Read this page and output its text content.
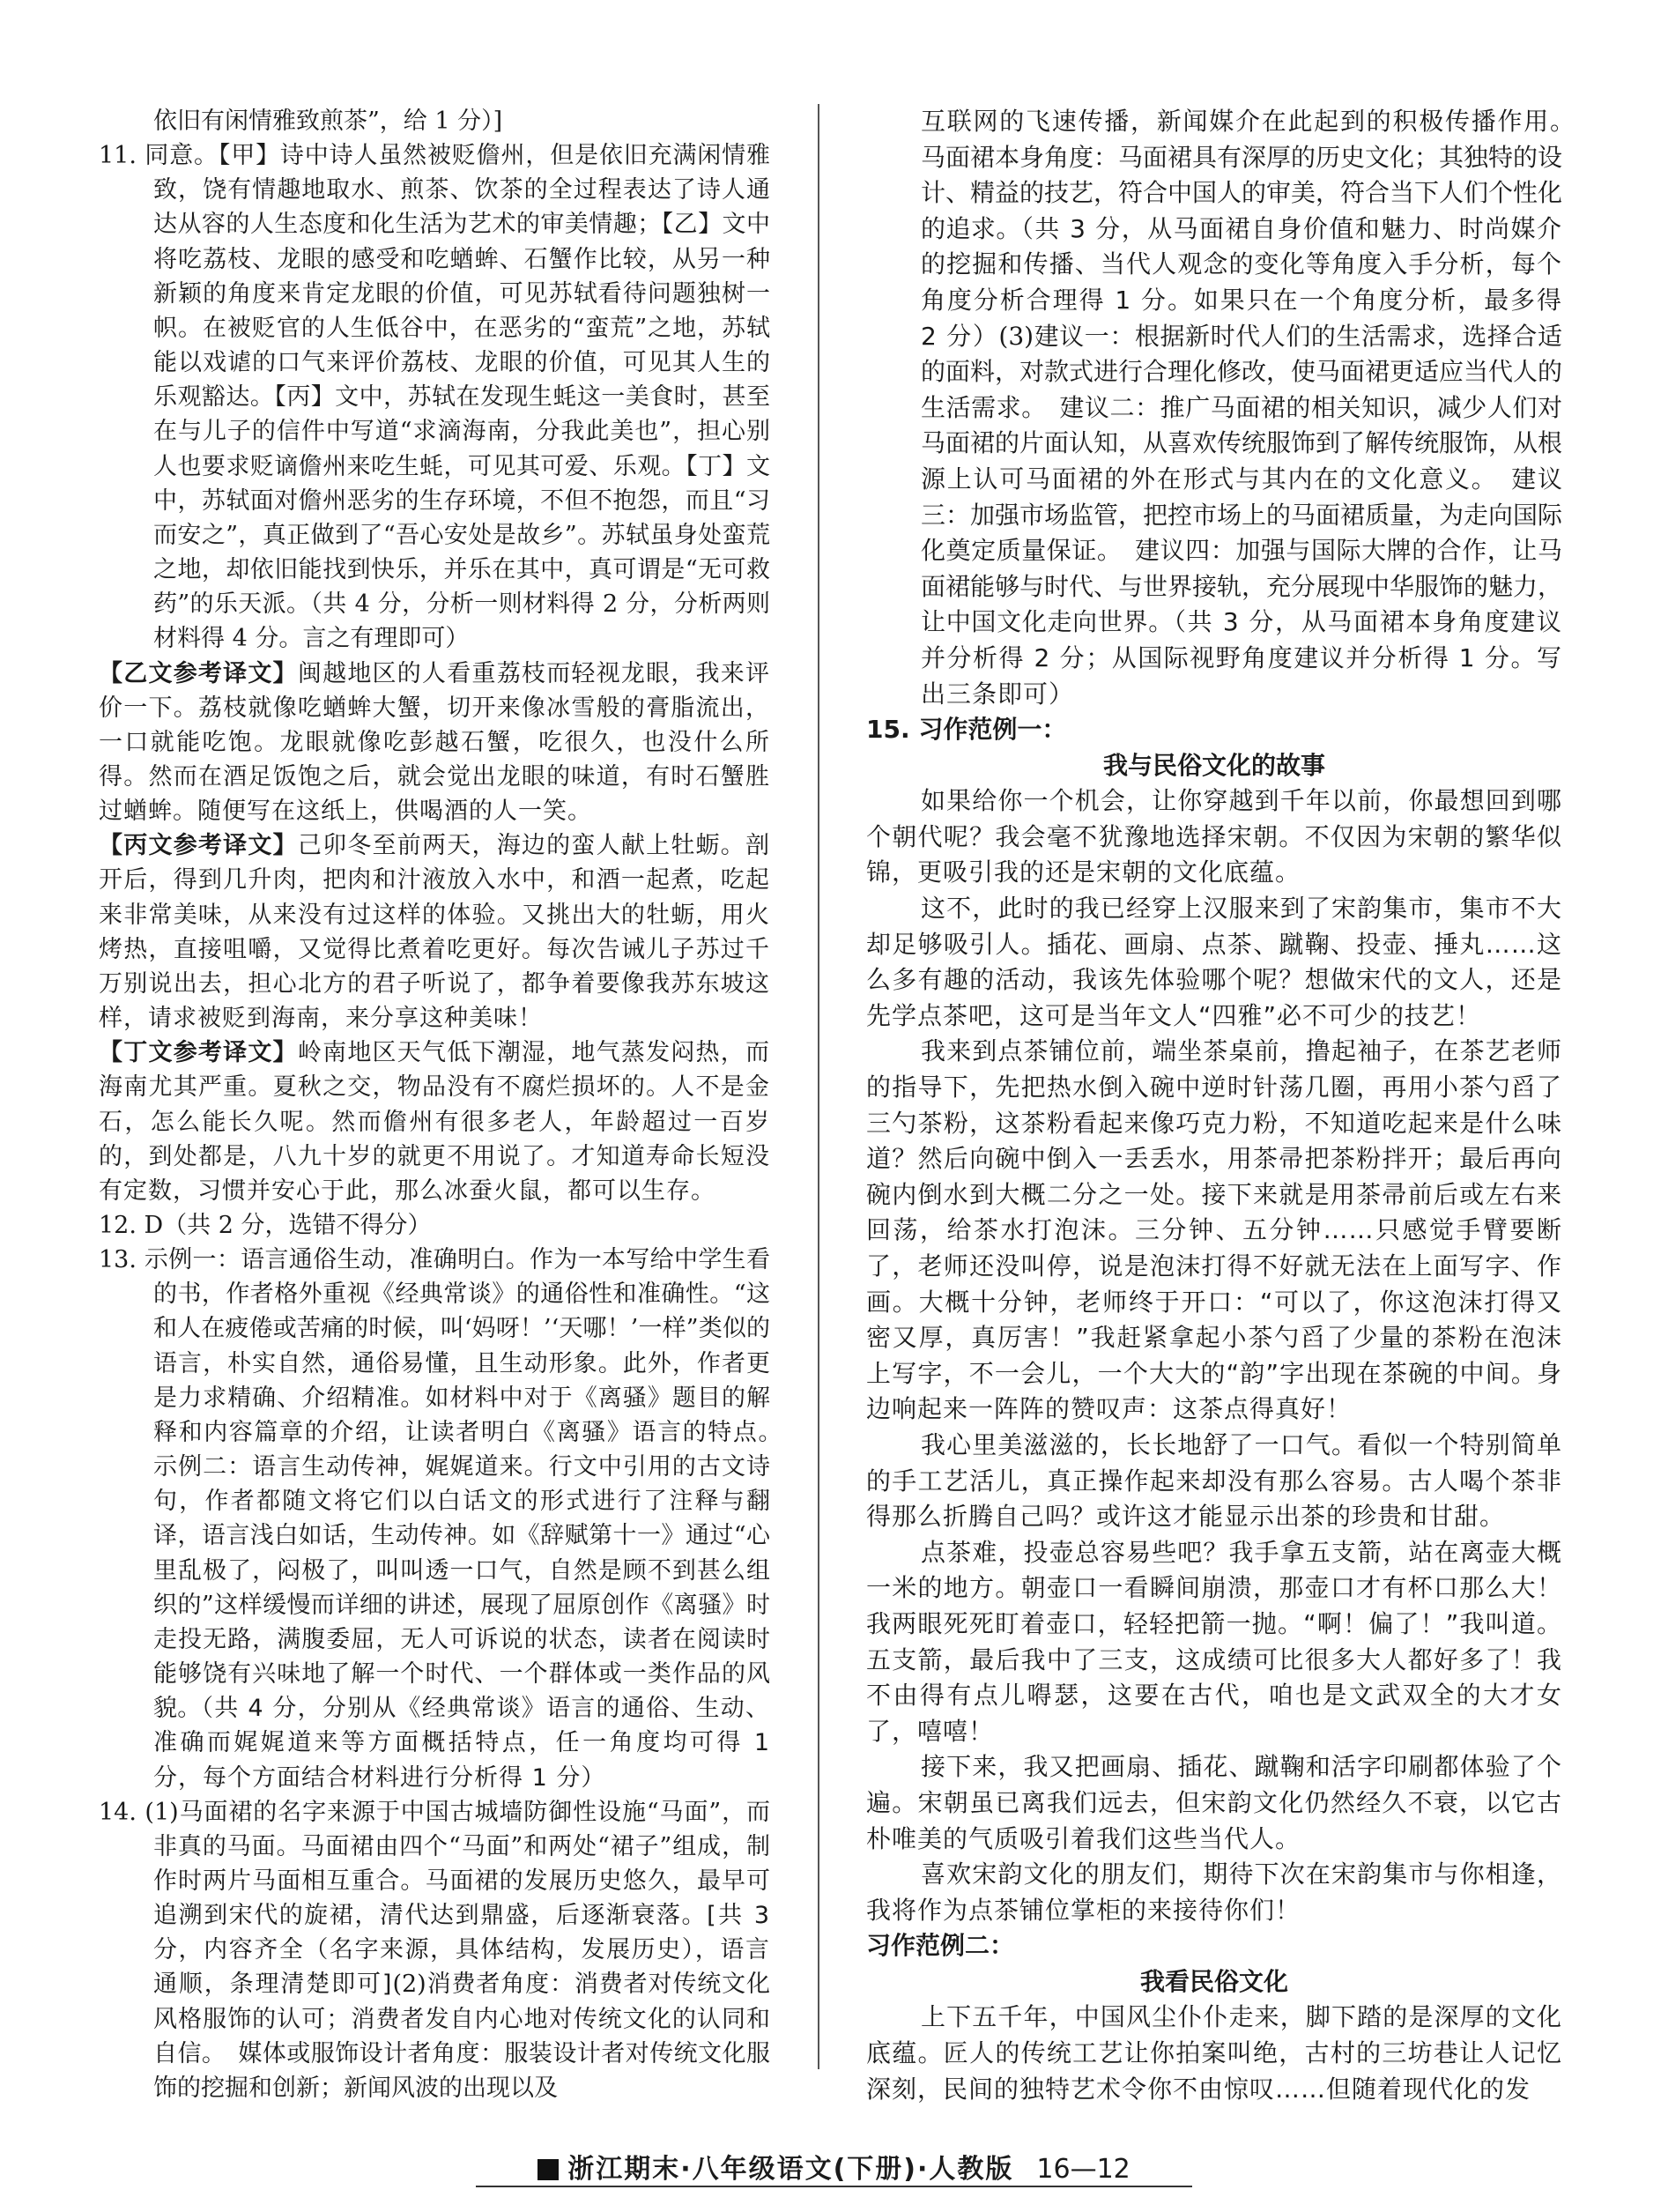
依旧有闲情雅致煎茶”，给 1 分）]

11. 同意。【甲】诗中诗人虽然被贬儋州，但是依旧充满闲情雅致，饶有情趣地取水、煎茶、饮茶的全过程表达了诗人通达从容的人生态度和化生活为艺术的审美情趣；【乙】文中将吃荔枝、龙眼的感受和吃蝤蛑、石蟹作比较，从另一种新颖的角度来肯定龙眼的价值，可见苏轼看待问题独树一帜。在被贬官的人生低谷中，在恶劣的“蛮荒”之地，苏轼能以戏谑的口气来评价荔枝、龙眼的价值，可见其人生的乐观豁达。【丙】文中，苏轼在发现生蚝这一美食时，甚至在与儿子的信件中写道“求滴海南，分我此美也”，担心别人也要求贬谪儋州来吃生蚝，可见其可爱、乐观。【丁】文中，苏轼面对儋州恶劣的生存环境，不但不抱怨，而且“习而安之”，真正做到了“吾心安处是故乡”。苏轼虽身处蛮荒之地，却依旧能找到快乐，并乐在其中，真可谓是“无可救药”的乐天派。（共 4 分，分析一则材料得 2 分，分析两则材料得 4 分。言之有理即可）

【乙文参考译文】闽越地区的人看重荔枝而轻视龙眼，我来评价一下。荔枝就像吃蝤蛑大蟹，切开来像冰雪般的膏脂流出，一口就能吃饱。龙眼就像吃彭越石蟹，吃很久，也没什么所得。然而在酒足饭饱之后，就会觉出龙眼的味道，有时石蟹胜过蝤蛑。随便写在这纸上，供喝酒的人一笑。

【丙文参考译文】己卯冬至前两天，海边的蛮人献上牡蛎。剖开后，得到几升肉，把肉和汁液放入水中，和酒一起煮，吃起来非常美味，从来没有过这样的体验。又挑出大的牡蛎，用火烤热，直接咀嚼，又觉得比煮着吃更好。每次告诫儿子苏过千万别说出去，担心北方的君子听说了，都争着要像我苏东坡这样，请求被贬到海南，来分享这种美味！

【丁文参考译文】岭南地区天气低下潮湿，地气蒸发闷热，而海南尤其严重。夏秋之交，物品没有不腐烂损坏的。人不是金石，怎么能长久呢。然而儋州有很多老人，年龄超过一百岁的，到处都是，八九十岁的就更不用说了。才知道寿命长短没有定数，习惯并安心于此，那么冰蚕火鼠，都可以生存。

12. D（共 2 分，选错不得分）

13. 示例一：语言通俗生动，准确明白。作为一本写给中学生看的书，作者格外重视《经典常谈》的通俗性和准确性。“这和人在疲倦或苦痛的时候，叫‘妈呀！’‘天哪！’一样”类似的语言，朴实自然，通俗易懂，且生动形象。此外，作者更是力求精确、介绍精准。如材料中对于《离骚》题目的解释和内容篇章的介绍，让读者明白《离骚》语言的特点。　示例二：语言生动传神，娓娓道来。行文中引用的古文诗句，作者都随文将它们以白话文的形式进行了注释与翻译，语言浅白如话，生动传神。如《辞赋第十一》通过“心里乱极了，闷极了，叫叫透一口气，自然是顾不到甚么组织的”这样缓慢而详细的讲述，展现了屈原创作《离骚》时走投无路，满腹委屈，无人可诉说的状态，读者在阅读时能够饶有兴味地了解一个时代、一个群体或一类作品的风貌。（共 4 分，分别从《经典常谈》语言的通俗、生动、准确而娓娓道来等方面概括特点，任一角度均可得 1 分，每个方面结合材料进行分析得 1 分）

14. (1)马面裙的名字来源于中国古城墙防御性设施“马面”，而非真的马面。马面裙由四个“马面”和两处“裙子”组成，制作时两片马面相互重合。马面裙的发展历史悠久，最早可追溯到宋代的旋裙，清代达到鼎盛，后逐渐衰落。[共 3 分，内容齐全（名字来源，具体结构，发展历史），语言通顺，条理清楚即可](2)消费者角度：消费者对传统文化风格服饰的认可；消费者发自内心地对传统文化的认同和自信。　媒体或服饰设计者角度：服装设计者对传统文化服饰的挖掘和创新；新闻风波的出现以及

互联网的飞速传播，新闻媒介在此起到的积极传播作用。　马面裙本身角度：马面裙具有深厚的历史文化；其独特的设计、精益的技艺，符合中国人的审美，符合当下人们个性化的追求。（共 3 分，从马面裙自身价值和魅力、时尚媒介的挖掘和传播、当代人观念的变化等角度入手分析，每个角度分析合理得 1 分。如果只在一个角度分析，最多得 2 分）(3)建议一：根据新时代人们的生活需求，选择合适的面料，对款式进行合理化修改，使马面裙更适应当代人的生活需求。　建议二：推广马面裙的相关知识，减少人们对马面裙的片面认知，从喜欢传统服饰到了解传统服饰，从根源上认可马面裙的外在形式与其内在的文化意义。　建议三：加强市场监管，把控市场上的马面裙质量，为走向国际化奠定质量保证。　建议四：加强与国际大牌的合作，让马面裙能够与时代、与世界接轨，充分展现中华服饰的魅力，让中国文化走向世界。（共 3 分，从马面裙本身角度建议并分析得 2 分；从国际视野角度建议并分析得 1 分。写出三条即可）

15. 习作范例一：

我与民俗文化的故事

如果给你一个机会，让你穿越到千年以前，你最想回到哪个朝代呢？我会毫不犹豫地选择宋朝。不仅因为宋朝的繁华似锦，更吸引我的还是宋朝的文化底蕴。

这不，此时的我已经穿上汉服来到了宋韵集市，集市不大却足够吸引人。插花、画扇、点茶、蹴鞠、投壶、捶丸……这么多有趣的活动，我该先体验哪个呢？想做宋代的文人，还是先学点茶吧，这可是当年文人“四雅”必不可少的技艺！

我来到点茶铺位前，端坐茶桌前，撸起袖子，在茶艺老师的指导下，先把热水倒入碗中逆时针荡几圈，再用小茶勺舀了三勺茶粉，这茶粉看起来像巧克力粉，不知道吃起来是什么味道？然后向碗中倒入一丢丢水，用茶帚把茶粉拌开；最后再向碗内倒水到大概二分之一处。接下来就是用茶帚前后或左右来回荡，给茶水打泡沫。三分钟、五分钟……只感觉手臂要断了，老师还没叫停，说是泡沫打得不好就无法在上面写字、作画。大概十分钟，老师终于开口：“可以了，你这泡沫打得又密又厚，真厉害！”我赶紧拿起小茶勺舀了少量的茶粉在泡沫上写字，不一会儿，一个大大的“韵”字出现在茶碗的中间。身边响起来一阵阵的赞叹声：这茶点得真好！

我心里美滋滋的，长长地舒了一口气。看似一个特别简单的手工艺活儿，真正操作起来却没有那么容易。古人喝个茶非得那么折腾自己吗？或许这才能显示出茶的珍贵和甘甜。

点茶难，投壶总容易些吧？我手拿五支箭，站在离壶大概一米的地方。朝壶口一看瞬间崩溃，那壶口才有杯口那么大！我两眼死死盯着壶口，轻轻把箭一抛。“啊！偏了！”我叫道。五支箭，最后我中了三支，这成绩可比很多大人都好多了！我不由得有点儿嘚瑟，这要在古代，咱也是文武双全的大才女了，嘻嘻！

接下来，我又把画扇、插花、蹴鞠和活字印刷都体验了个遍。宋朝虽已离我们远去，但宋韵文化仍然经久不衰，以它古朴唯美的气质吸引着我们这些当代人。

喜欢宋韵文化的朋友们，期待下次在宋韵集市与你相逢，我将作为点茶铺位掌柜的来接待你们！

习作范例二：

我看民俗文化

上下五千年，中国风尘仆仆走来，脚下踏的是深厚的文化底蕴。匠人的传统工艺让你拍案叫绝，古村的三坊巷让人记忆深刻，民间的独特艺术令你不由惊叹……但随着现代化的发

浙江期末·八年级语文(下册)·人教版 16—12
